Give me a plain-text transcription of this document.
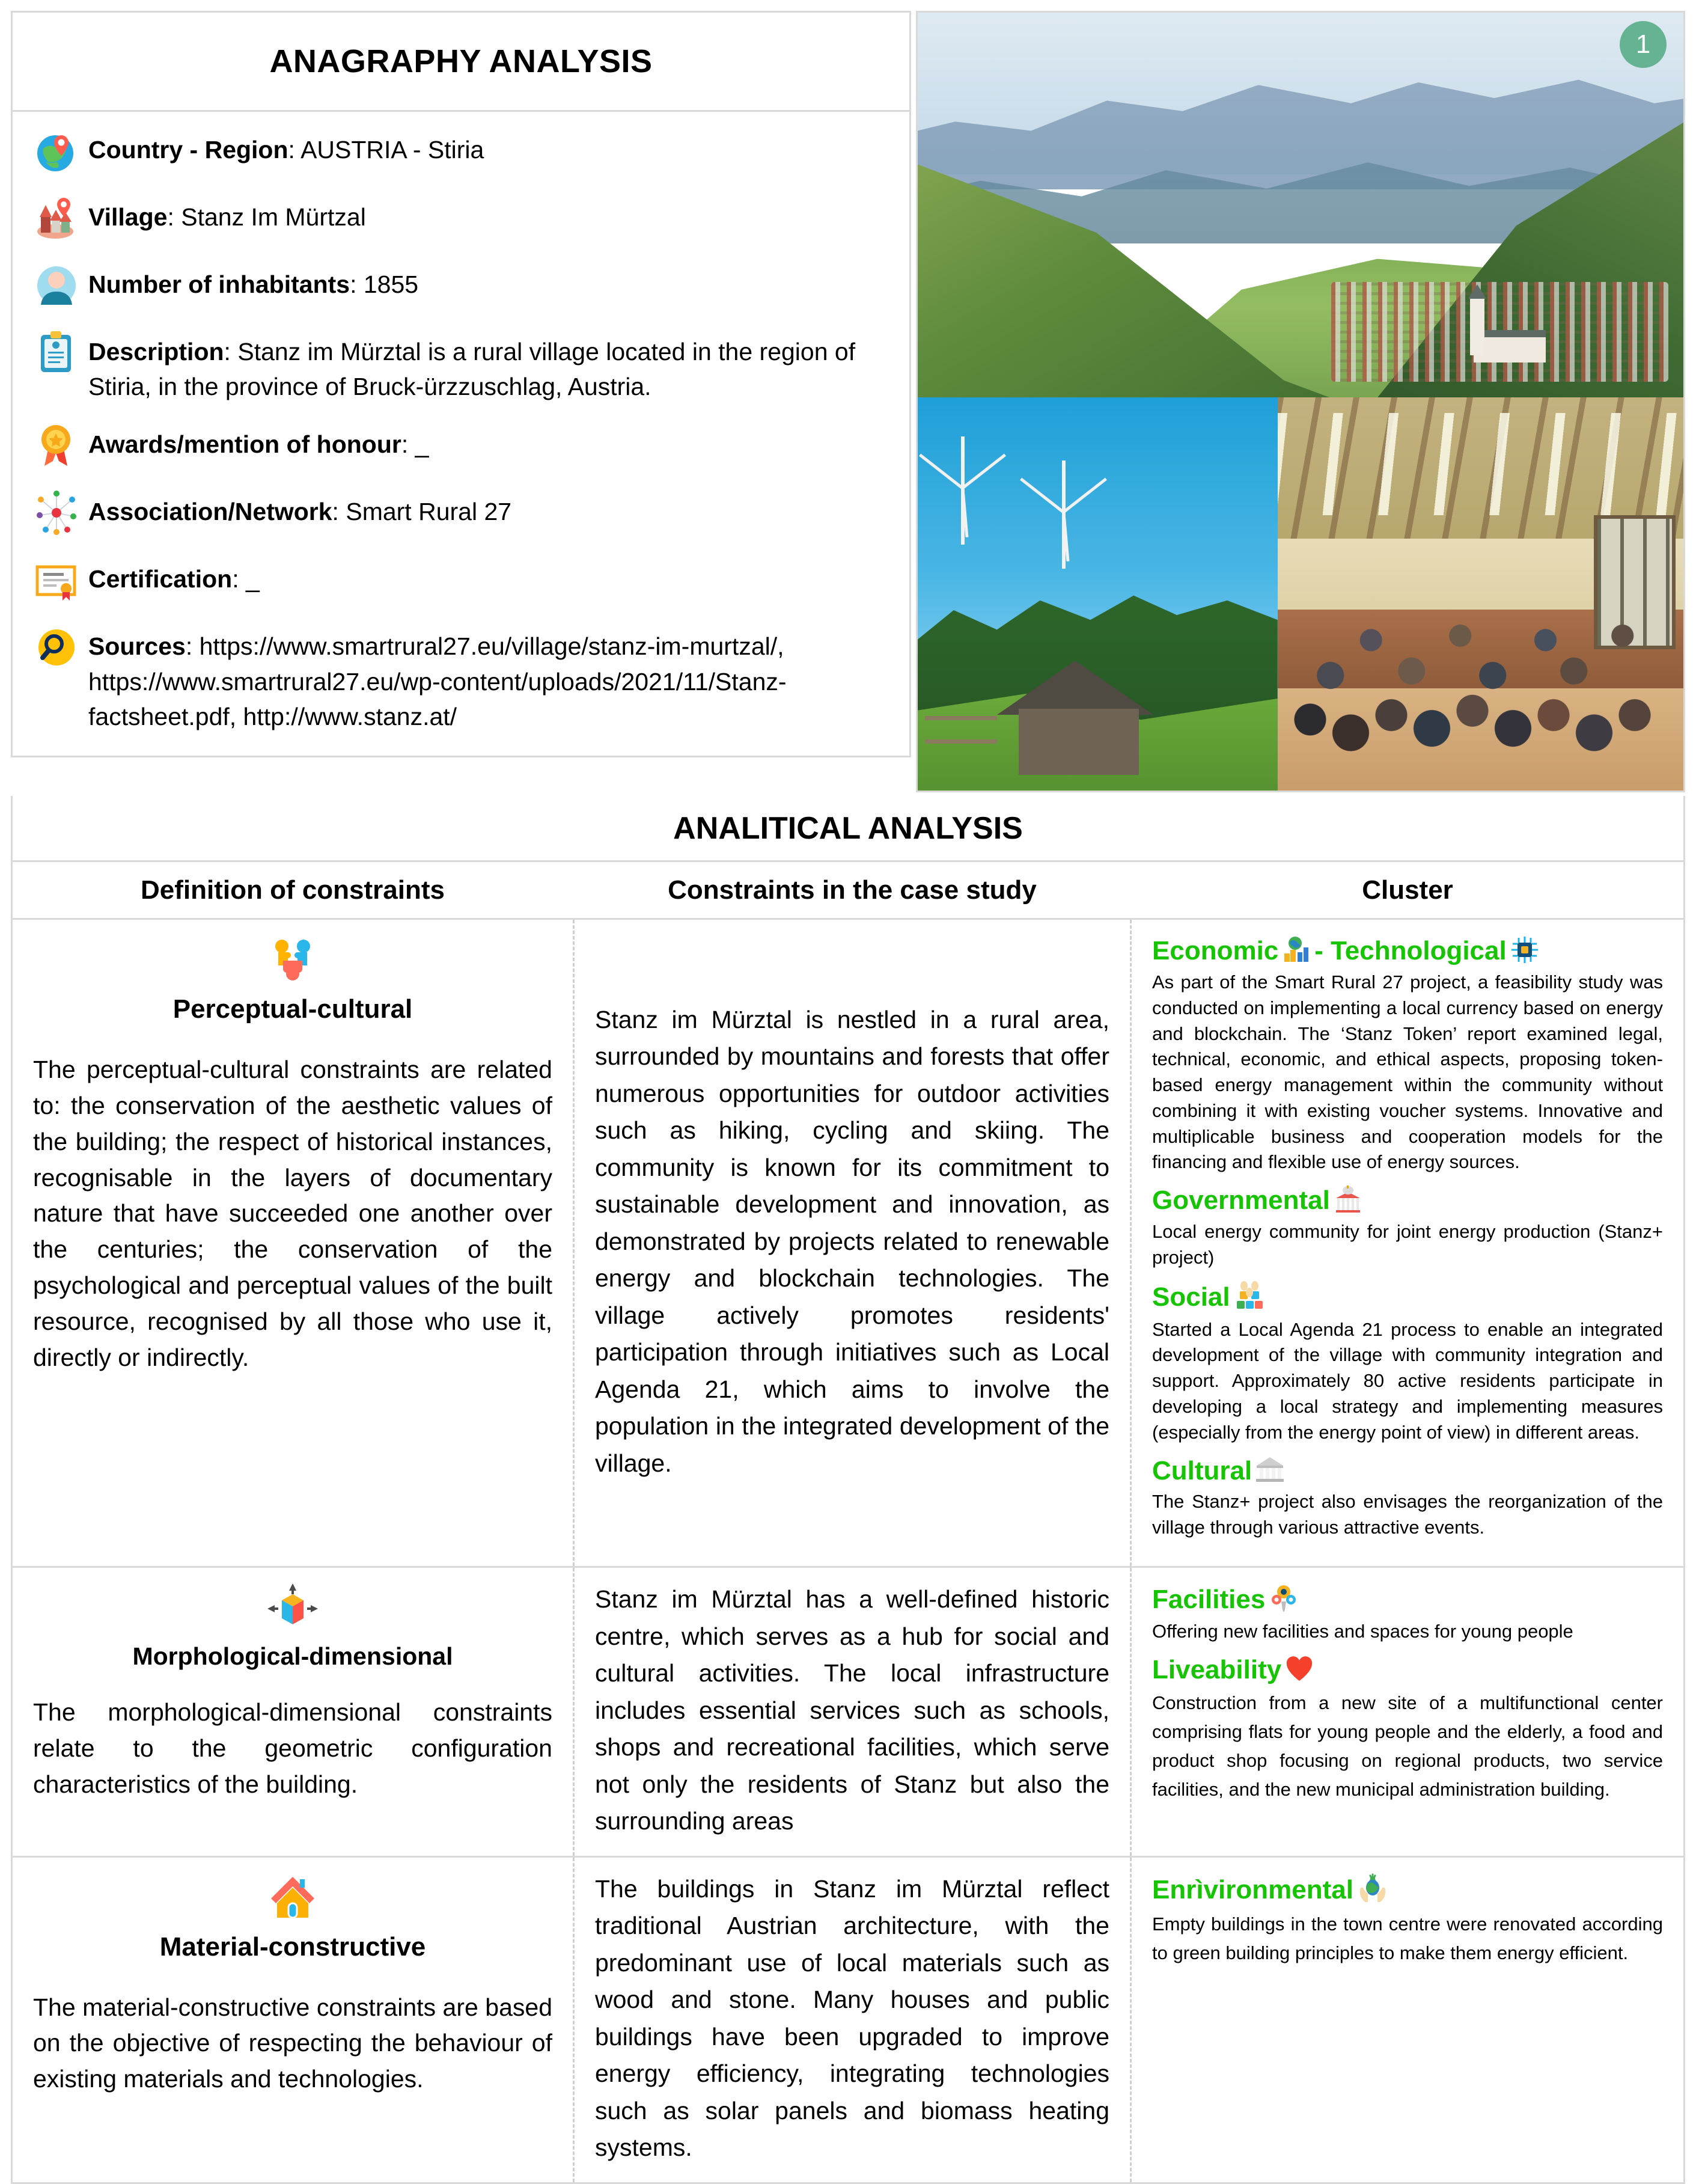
ANAGRAPHY ANALYSIS
Country - Region: AUSTRIA - Stiria
Village: Stanz Im Mürtzal
Number of inhabitants: 1855
Description: Stanz im Mürztal is a rural village located in the region of Stiria, in the province of Bruck-ürzzuschlag, Austria.
Awards/mention of honour: _
Association/Network: Smart Rural 27
Certification: _
Sources: https://www.smartrural27.eu/village/stanz-im-murtzal/, https://www.smartrural27.eu/wp-content/uploads/2021/11/Stanz-factsheet.pdf, http://www.stanz.at/
1
ANALITICAL ANALYSIS
Definition of constraints	Constraints in the case study	Cluster
Perceptual-cultural
The perceptual-cultural constraints are related to: the conservation of the aesthetic values of the building; the respect of historical instances, recognisable in the layers of documentary nature that have succeeded one another over the centuries; the conservation of the psychological and perceptual values of the built resource, recognised by all those who use it, directly or indirectly.
Stanz im Mürztal is nestled in a rural area, surrounded by mountains and forests that offer numerous opportunities for outdoor activities such as hiking, cycling and skiing. The community is known for its commitment to sustainable development and innovation, as demonstrated by projects related to renewable energy and blockchain technologies. The village actively promotes residents' participation through initiatives such as Local Agenda 21, which aims to involve the population in the integrated development of the village.
Economic - Technological
As part of the Smart Rural 27 project, a feasibility study was conducted on implementing a local currency based on energy and blockchain. The ‘Stanz Token’ report examined legal, technical, economic, and ethical aspects, proposing token-based energy management within the community without combining it with existing voucher systems. Innovative and multiplicable business and cooperation models for the financing and flexible use of energy sources.
Governmental
Local energy community for joint energy production (Stanz+ project)
Social
Started a Local Agenda 21 process to enable an integrated development of the village with community integration and support. Approximately 80 active residents participate in developing a local strategy and implementing measures (especially from the energy point of view) in different areas.
Cultural
The Stanz+ project also envisages the reorganization of the village through various attractive events.
Morphological-dimensional
The morphological-dimensional constraints relate to the geometric configuration characteristics of the building.
Stanz im Mürztal has a well-defined historic centre, which serves as a hub for social and cultural activities. The local infrastructure includes essential services such as schools, shops and recreational facilities, which serve not only the residents of Stanz but also the surrounding areas
Facilities
Offering new facilities and spaces for young people
Liveability
Construction from a new site of a multifunctional center comprising flats for young people and the elderly, a food and product shop focusing on regional products, two service facilities, and the new municipal administration building.
Material-constructive
The material-constructive constraints are based on the objective of respecting the behaviour of existing materials and technologies.
The buildings in Stanz im Mürztal reflect traditional Austrian architecture, with the predominant use of local materials such as wood and stone. Many houses and public buildings have been upgraded to improve energy efficiency, integrating technologies such as solar panels and biomass heating systems.
Enrìvironmental
Empty buildings in the town centre were renovated according to green building principles to make them energy efficient.
